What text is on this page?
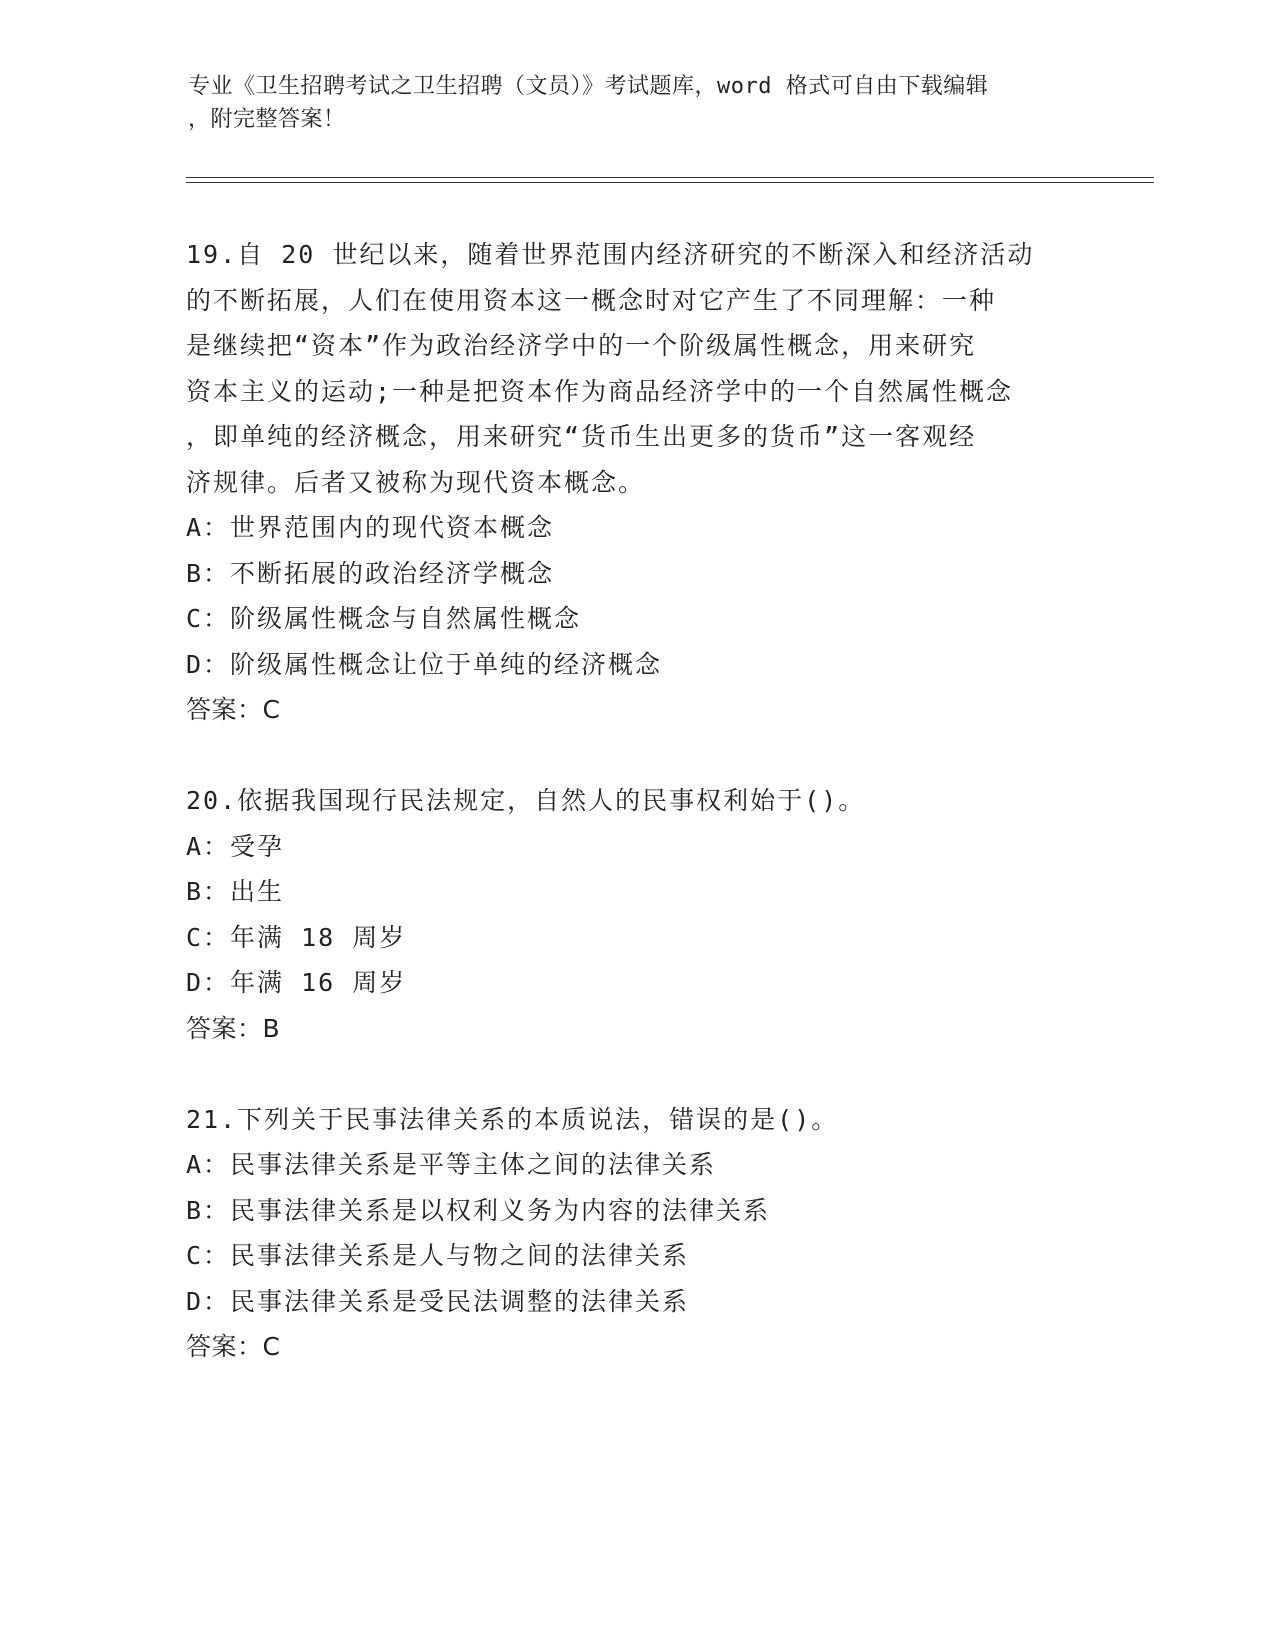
专业《卫生招聘考试之卫生招聘（文员）》考试题库，word 格式可自由下载编辑
，附完整答案！
19.自 20 世纪以来，随着世界范围内经济研究的不断深入和经济活动
的不断拓展，人们在使用资本这一概念时对它产生了不同理解：一种
是继续把“资本”作为政治经济学中的一个阶级属性概念，用来研究
资本主义的运动;一种是把资本作为商品经济学中的一个自然属性概念
，即单纯的经济概念，用来研究“货币生出更多的货币”这一客观经
济规律。后者又被称为现代资本概念。
A：世界范围内的现代资本概念
B：不断拓展的政治经济学概念
C：阶级属性概念与自然属性概念
D：阶级属性概念让位于单纯的经济概念
答案：C
20.依据我国现行民法规定，自然人的民事权利始于()。
A：受孕
B：出生
C：年满 18 周岁
D：年满 16 周岁
答案：B
21.下列关于民事法律关系的本质说法，错误的是()。
A：民事法律关系是平等主体之间的法律关系
B：民事法律关系是以权利义务为内容的法律关系
C：民事法律关系是人与物之间的法律关系
D：民事法律关系是受民法调整的法律关系
答案：C
